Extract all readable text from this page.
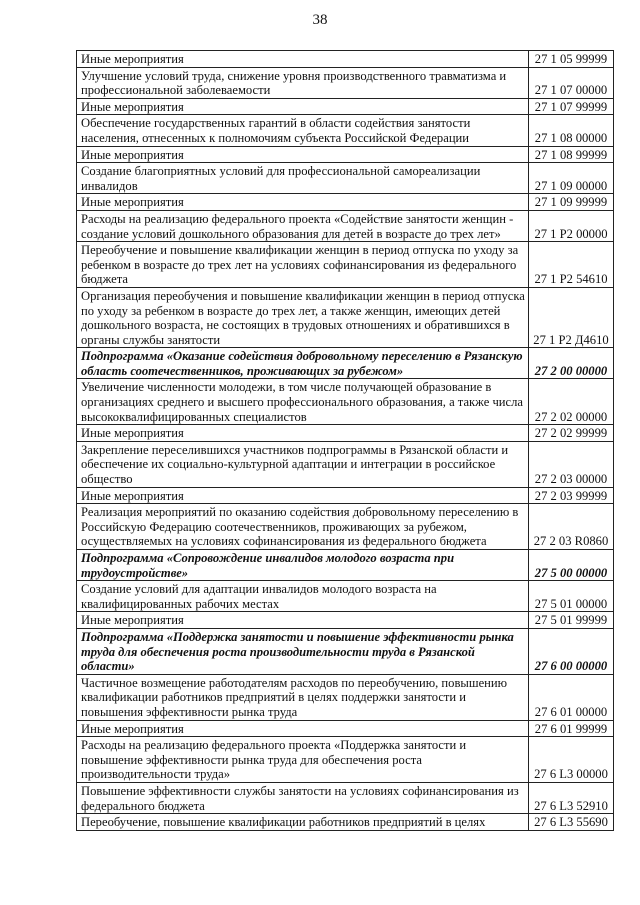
38
Иные мероприятия	27 1 05 99999
Улучшение условий труда, снижение уровня производственного травматизма и профессиональной заболеваемости	27 1 07 00000
Иные мероприятия	27 1 07 99999
Обеспечение государственных гарантий в области содействия занятости населения, отнесенных к полномочиям субъекта Российской Федерации	27 1 08 00000
Иные мероприятия	27 1 08 99999
Создание благоприятных условий для профессиональной самореализации инвалидов	27 1 09 00000
Иные мероприятия	27 1 09 99999
Расходы на реализацию федерального проекта «Содействие занятости женщин - создание условий дошкольного образования для детей в возрасте до трех лет»	27 1 P2 00000
Переобучение и повышение квалификации женщин в период отпуска по уходу за ребенком в возрасте до трех лет на условиях софинансирования из федерального бюджета	27 1 P2 54610
Организация переобучения и повышение квалификации женщин в период отпуска по уходу за ребенком в возрасте до трех лет, а также женщин, имеющих детей дошкольного возраста, не состоящих в трудовых отношениях и обратившихся в органы службы занятости	27 1 P2 Д4610
Подпрограмма «Оказание содействия добровольному переселению в Рязанскую область соотечественников, проживающих за рубежом»	27 2 00 00000
Увеличение численности молодежи, в том числе получающей образование в организациях среднего и высшего профессионального образования, а также числа высококвалифицированных специалистов	27 2 02 00000
Иные мероприятия	27 2 02 99999
Закрепление переселившихся участников подпрограммы в Рязанской области и обеспечение их социально-культурной адаптации и интеграции в российское общество	27 2 03 00000
Иные мероприятия	27 2 03 99999
Реализация мероприятий по оказанию содействия добровольному переселению в Российскую Федерацию соотечественников, проживающих за рубежом, осуществляемых на условиях софинансирования из федерального бюджета	27 2 03 R0860
Подпрограмма «Сопровождение инвалидов молодого возраста при трудоустройстве»	27 5 00 00000
Создание условий для адаптации инвалидов молодого возраста на квалифицированных рабочих местах	27 5 01 00000
Иные мероприятия	27 5 01 99999
Подпрограмма «Поддержка занятости и повышение эффективности рынка труда для обеспечения роста производительности труда в Рязанской области»	27 6 00 00000
Частичное возмещение работодателям расходов по переобучению, повышению квалификации работников предприятий в целях поддержки занятости и повышения эффективности рынка труда	27 6 01 00000
Иные мероприятия	27 6 01 99999
Расходы на реализацию федерального проекта «Поддержка занятости и повышение эффективности рынка труда для обеспечения роста производительности труда»	27 6 L3 00000
Повышение эффективности службы занятости на условиях софинансирования из федерального бюджета	27 6 L3 52910
Переобучение, повышение квалификации работников предприятий в целях	27 6 L3 55690
